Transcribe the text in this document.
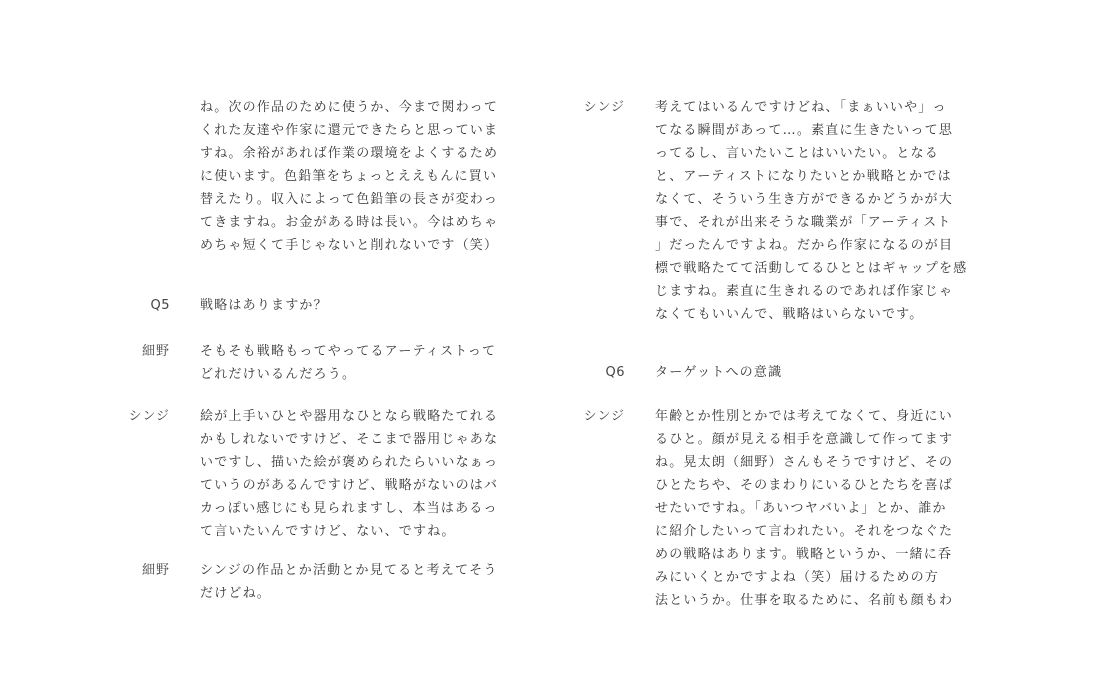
ね。次の作品のために使うか、今まで関わって
くれた友達や作家に還元できたらと思っていま
すね。余裕があれば作業の環境をよくするため
に使います。色鉛筆をちょっとええもんに買い
替えたり。収入によって色鉛筆の長さが変わっ
てきますね。お金がある時は長い。今はめちゃ
めちゃ短くて手じゃないと削れないです（笑）
Q5 戦略はありますか？
細野 そもそも戦略もってやってるアーティストって
どれだけいるんだろう。
シンジ 絵が上手いひとや器用なひとなら戦略たてれる
かもしれないですけど、そこまで器用じゃあな
いですし、描いた絵が褒められたらいいなぁっ
ていうのがあるんですけど、戦略がないのはバ
カっぽい感じにも見られますし、本当はあるっ
て言いたいんですけど、ない、ですね。
細野 シンジの作品とか活動とか見てると考えてそう
だけどね。
シンジ 考えてはいるんですけどね、「まぁいいや」っ
てなる瞬間があって…。素直に生きたいって思
ってるし、言いたいことはいいたい。となる
と、アーティストになりたいとか戦略とかでは
なくて、そういう生き方ができるかどうかが大
事で、それが出来そうな職業が「アーティスト
」だったんですよね。だから作家になるのが目
標で戦略たてて活動してるひととはギャップを感
じますね。素直に生きれるのであれば作家じゃ
なくてもいいんで、戦略はいらないです。
Q6 ターゲットへの意識
シンジ 年齢とか性別とかでは考えてなくて、身近にい
るひと。顔が見える相手を意識して作ってます
ね。晃太朗（細野）さんもそうですけど、その
ひとたちや、そのまわりにいるひとたちを喜ば
せたいですね。「あいつヤバいよ」とか、誰か
に紹介したいって言われたい。それをつなぐた
めの戦略はあります。戦略というか、一緒に呑
みにいくとかですよね（笑）届けるための方
法というか。仕事を取るために、名前も顔もわ
